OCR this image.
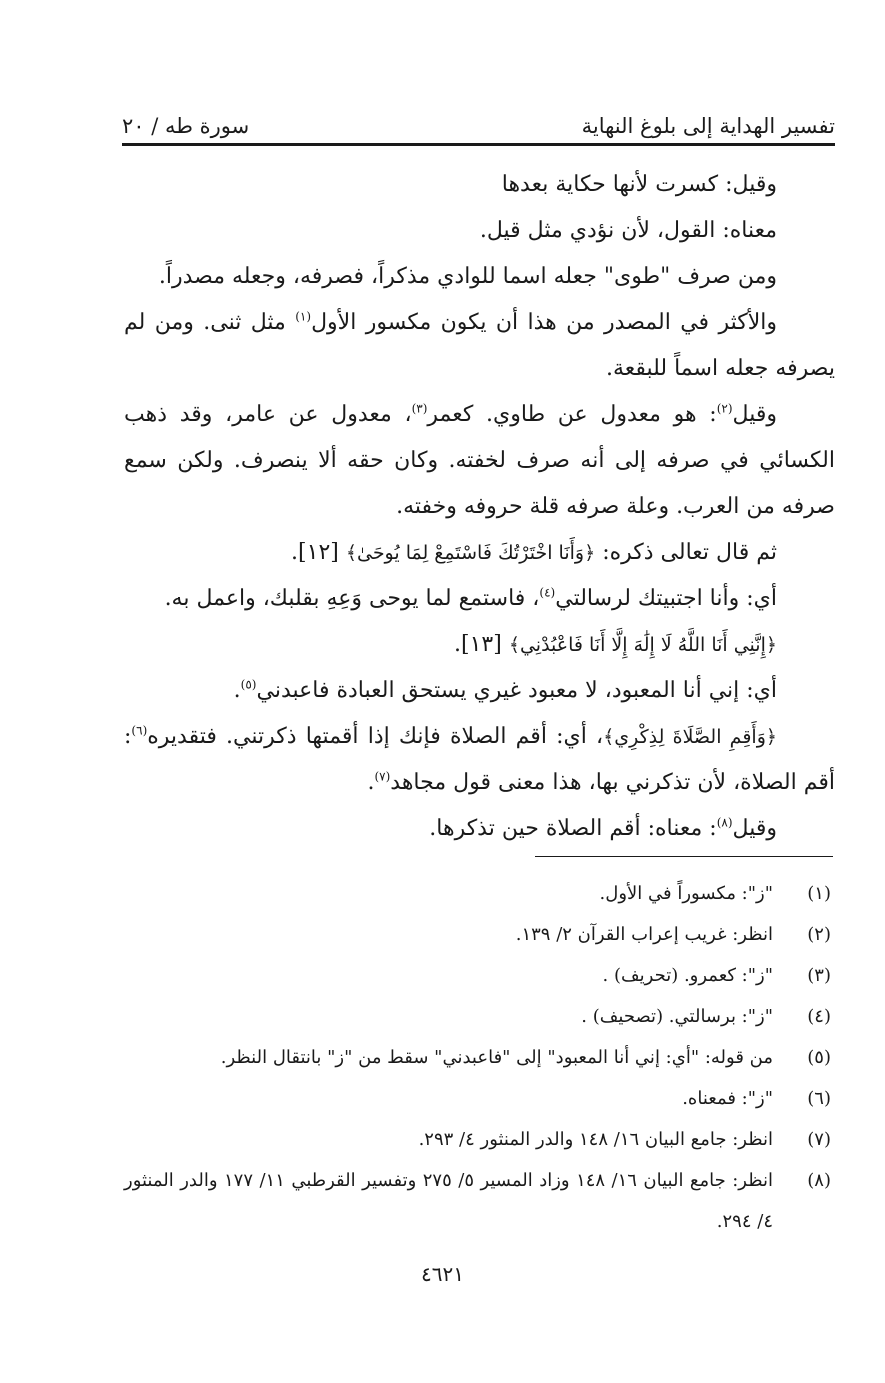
تفسير الهداية إلى بلوغ النهاية
سورة طه / ٢٠

وقيل: كسرت لأنها حكاية بعدها

معناه: القول، لأن نؤدي مثل قيل.

ومن صرف "طوى" جعله اسما للوادي مذكراً، فصرفه، وجعله مصدراً.

والأكثر في المصدر من هذا أن يكون مكسور الأول$^{(١)}$ مثل ثنى. ومن لم يصرفه جعله اسماً للبقعة.

وقيل$^{(٢)}$: هو معدول عن طاوي. كعمر$^{(٣)}$، معدول عن عامر، وقد ذهب الكسائي في صرفه إلى أنه صرف لخفته. وكان حقه ألا ينصرف. ولكن سمع صرفه من العرب. وعلة صرفه قلة حروفه وخفته.

ثم قال تعالى ذكره: ﴿وَأَنَا اخْتَرْتُكَ فَاسْتَمِعْ لِمَا يُوحَىٰ﴾ [١٢].

أي: وأنا اجتبيتك لرسالتي$^{(٤)}$، فاستمع لما يوحى وَعِهِ بقلبك، واعمل به.

﴿إِنَّنِي أَنَا اللَّهُ لَا إِلَٰهَ إِلَّا أَنَا فَاعْبُدْنِي﴾ [١٣].

أي: إني أنا المعبود، لا معبود غيري يستحق العبادة فاعبدني$^{(٥)}$.

﴿وَأَقِمِ الصَّلَاةَ لِذِكْرِي﴾، أي: أقم الصلاة فإنك إذا أقمتها ذكرتني. فتقديره$^{(٦)}$: أقم الصلاة، لأن تذكرني بها، هذا معنى قول مجاهد$^{(٧)}$.

وقيل$^{(٨)}$: معناه: أقم الصلاة حين تذكرها.

(١)
"ز": مكسوراً في الأول.
(٢)
انظر: غريب إعراب القرآن ٢/ ١٣٩.
(٣)
"ز": كعمرو. (تحريف) .
(٤)
"ز": برسالتي. (تصحيف) .
(٥)
من قوله: "أي: إني أنا المعبود" إلى "فاعبدني" سقط من "ز" بانتقال النظر.
(٦)
"ز": فمعناه.
(٧)
انظر: جامع البيان ١٦/ ١٤٨ والدر المنثور ٤/ ٢٩٣.
(٨)
انظر: جامع البيان ١٦/ ١٤٨ وزاد المسير ٥/ ٢٧٥ وتفسير القرطبي ١١/ ١٧٧ والدر المنثور ٤/ ٢٩٤.
٤٦٢١
